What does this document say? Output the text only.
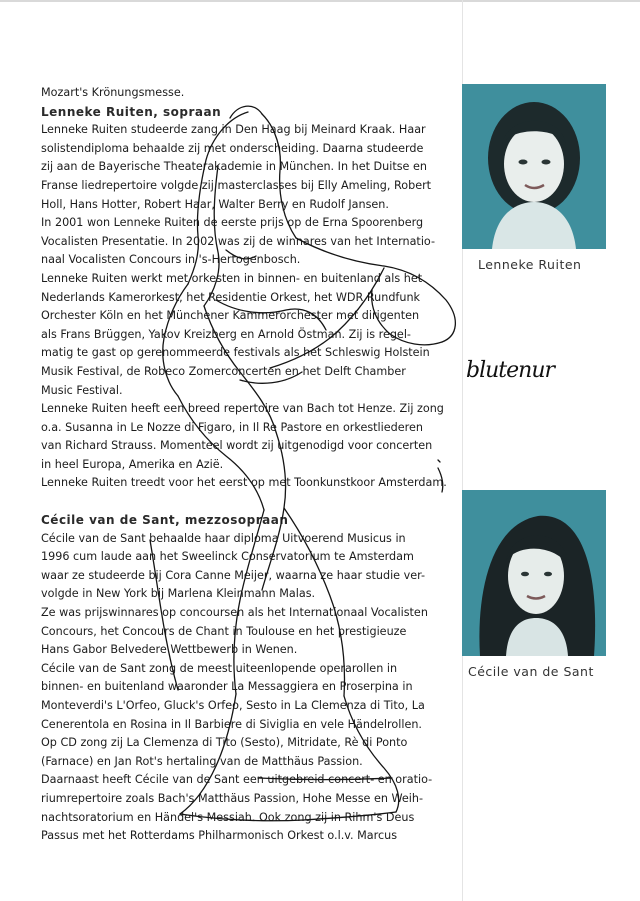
Mozart's Krönungsmesse.

Lenneke Ruiten, sopraan

Lenneke Ruiten studeerde zang in Den Haag bij Meinard Kraak. Haar

solistendiploma behaalde zij met onderscheiding. Daarna studeerde

zij aan de Bayerische Theaterakademie in München. In het Duitse en

Franse liedrepertoire volgde zij masterclasses bij Elly Ameling, Robert

Holl, Hans Hotter, Robert Haar, Walter Berry en Rudolf Jansen.

In 2001 won Lenneke Ruiten de eerste prijs op de Erna Spoorenberg

Vocalisten Presentatie. In 2002 was zij de winnares van het Internatio-

naal Vocalisten Concours in 's-Hertogenbosch.

Lenneke Ruiten werkt met orkesten in binnen- en buitenland als het

Nederlands Kamerorkest, het Residentie Orkest, het WDR Rundfunk

Orchester Köln en het Münchener Kammerorchester met dirigenten

als Frans Brüggen, Yakov Kreizberg en Arnold Östman. Zij is regel-

matig te gast op gerenommeerde festivals als het Schleswig Holstein

Musik Festival, de Robeco Zomerconcerten en het Delft Chamber

Music Festival.

Lenneke Ruiten heeft een breed repertoire van Bach tot Henze. Zij zong

o.a. Susanna in Le Nozze di Figaro, in Il Re Pastore en orkestliederen

van Richard Strauss. Momenteel wordt zij uitgenodigd voor concerten

in heel Europa, Amerika en Azië.

Lenneke Ruiten treedt voor het eerst op met Toonkunstkoor Amsterdam.

Cécile van de Sant, mezzosopraan

Cécile van de Sant behaalde haar diploma Uitvoerend Musicus in

1996 cum laude aan het Sweelinck Conservatorium te Amsterdam

waar ze studeerde bij Cora Canne Meijer, waarna ze haar studie ver-

volgde in New York bij Marlena Kleinmann Malas.

Ze was prijswinnares op concoursen als het Internationaal Vocalisten

Concours, het Concours de Chant in Toulouse en het prestigieuze

Hans Gabor Belvedere Wettbewerb in Wenen.

Cécile van de Sant zong de meest uiteenlopende operarollen in

binnen- en buitenland waaronder La Messaggiera en Proserpina in

Monteverdi's L'Orfeo, Gluck's Orfeo, Sesto in La Clemenza di Tito, La

Cenerentola en Rosina in Il Barbiere di Siviglia en vele Händelrollen.

Op CD zong zij La Clemenza di Tito (Sesto), Mitridate, Rè di Ponto

(Farnace) en Jan Rot's hertaling van de Matthäus Passion.

Daarnaast heeft Cécile van de Sant een uitgebreid concert- en oratio-

riumrepertoire zoals Bach's Matthäus Passion, Hohe Messe en Weih-

nachtsoratorium en Händel's Messiah. Ook zong zij in Rihm's Deus

Passus met het Rotterdams Philharmonisch Orkest o.l.v. Marcus

Lenneke Ruiten
Cécile van de Sant
blutenur
